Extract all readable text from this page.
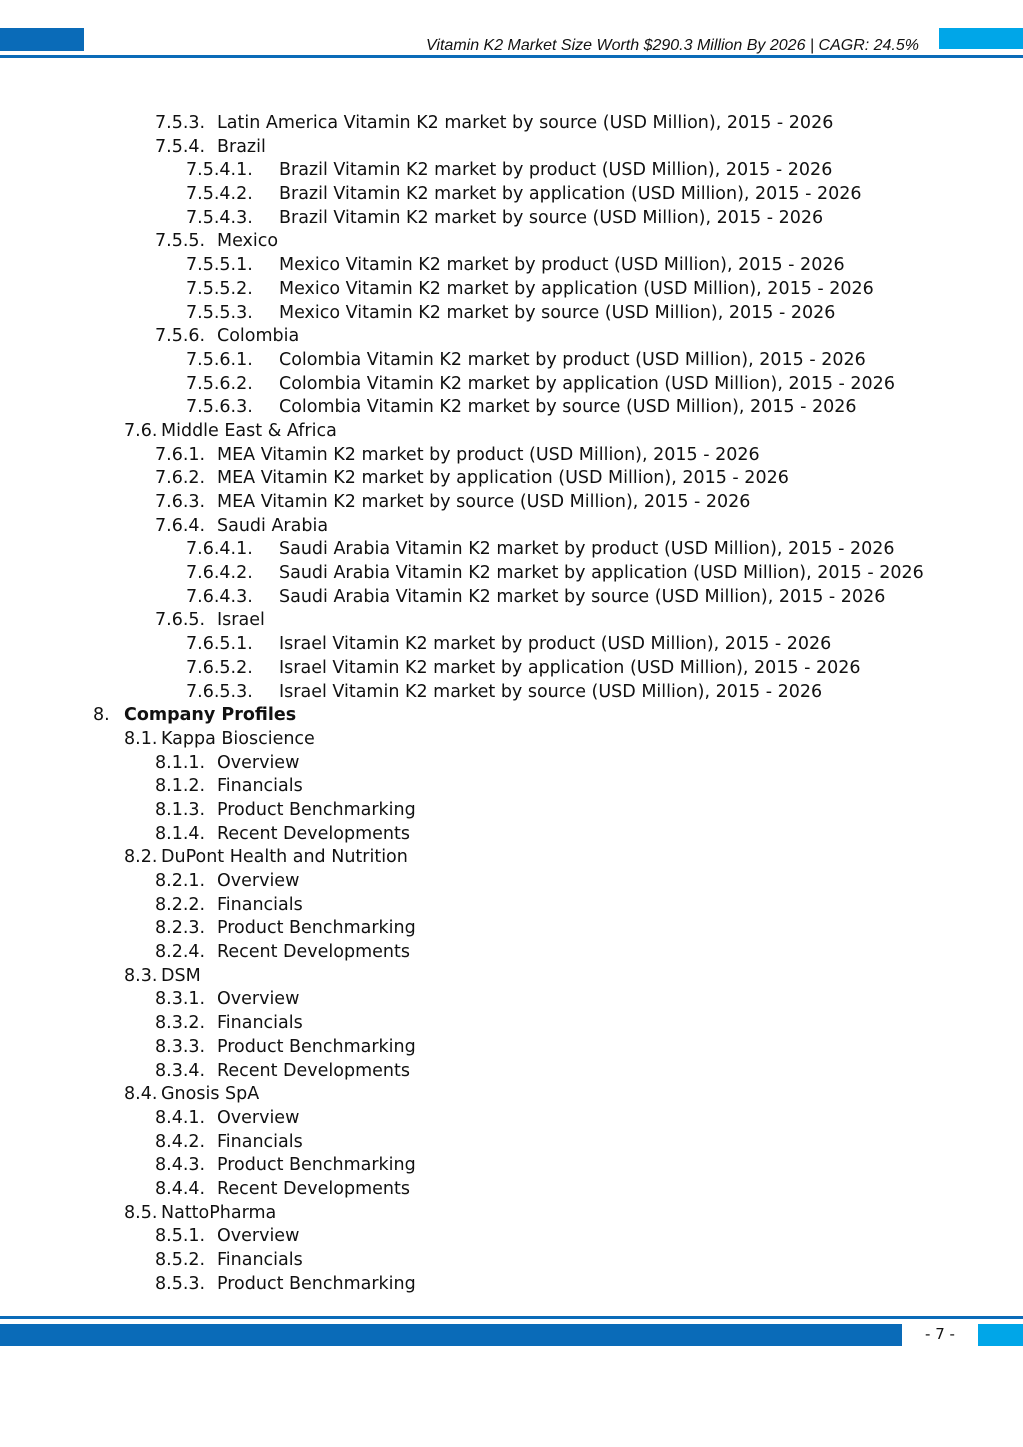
Vitamin K2 Market Size Worth $290.3 Million By 2026 | CAGR: 24.5%
7.5.3. Latin America Vitamin K2 market by source (USD Million), 2015 - 2026
7.5.4. Brazil
7.5.4.1. Brazil Vitamin K2 market by product (USD Million), 2015 - 2026
7.5.4.2. Brazil Vitamin K2 market by application (USD Million), 2015 - 2026
7.5.4.3. Brazil Vitamin K2 market by source (USD Million), 2015 - 2026
7.5.5. Mexico
7.5.5.1. Mexico Vitamin K2 market by product (USD Million), 2015 - 2026
7.5.5.2. Mexico Vitamin K2 market by application (USD Million), 2015 - 2026
7.5.5.3. Mexico Vitamin K2 market by source (USD Million), 2015 - 2026
7.5.6. Colombia
7.5.6.1. Colombia Vitamin K2 market by product (USD Million), 2015 - 2026
7.5.6.2. Colombia Vitamin K2 market by application (USD Million), 2015 - 2026
7.5.6.3. Colombia Vitamin K2 market by source (USD Million), 2015 - 2026
7.6. Middle East & Africa
7.6.1. MEA Vitamin K2 market by product (USD Million), 2015 - 2026
7.6.2. MEA Vitamin K2 market by application (USD Million), 2015 - 2026
7.6.3. MEA Vitamin K2 market by source (USD Million), 2015 - 2026
7.6.4. Saudi Arabia
7.6.4.1. Saudi Arabia Vitamin K2 market by product (USD Million), 2015 - 2026
7.6.4.2. Saudi Arabia Vitamin K2 market by application (USD Million), 2015 - 2026
7.6.4.3. Saudi Arabia Vitamin K2 market by source (USD Million), 2015 - 2026
7.6.5. Israel
7.6.5.1. Israel Vitamin K2 market by product (USD Million), 2015 - 2026
7.6.5.2. Israel Vitamin K2 market by application (USD Million), 2015 - 2026
7.6.5.3. Israel Vitamin K2 market by source (USD Million), 2015 - 2026
8. Company Profiles
8.1. Kappa Bioscience
8.1.1. Overview
8.1.2. Financials
8.1.3. Product Benchmarking
8.1.4. Recent Developments
8.2. DuPont Health and Nutrition
8.2.1. Overview
8.2.2. Financials
8.2.3. Product Benchmarking
8.2.4. Recent Developments
8.3. DSM
8.3.1. Overview
8.3.2. Financials
8.3.3. Product Benchmarking
8.3.4. Recent Developments
8.4. Gnosis SpA
8.4.1. Overview
8.4.2. Financials
8.4.3. Product Benchmarking
8.4.4. Recent Developments
8.5. NattoPharma
8.5.1. Overview
8.5.2. Financials
8.5.3. Product Benchmarking
- 7 -
